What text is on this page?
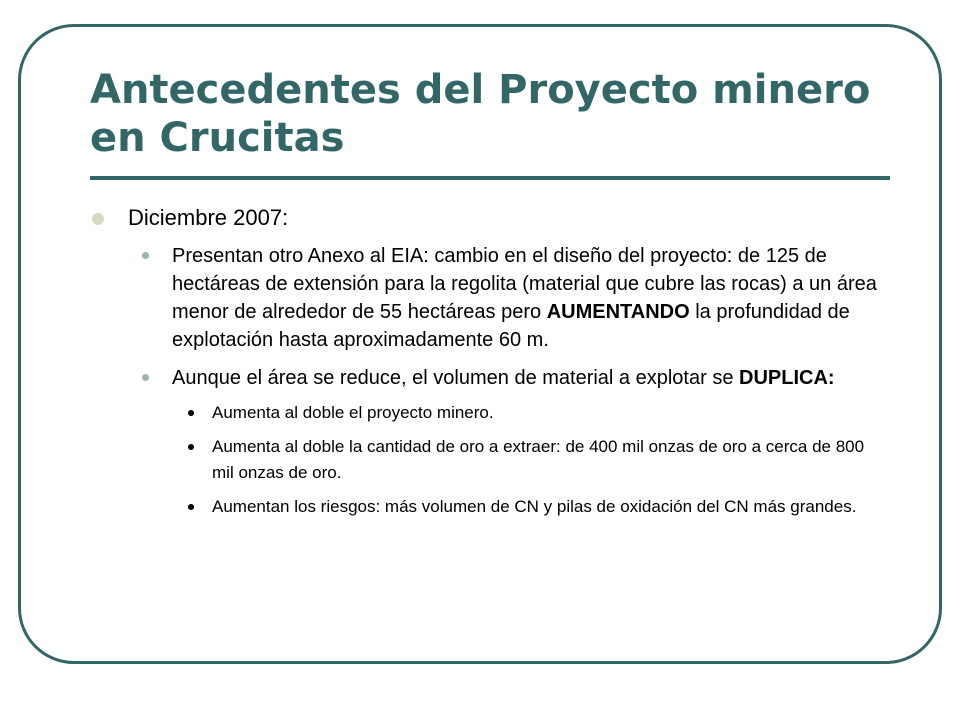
Antecedentes del Proyecto minero en Crucitas
Diciembre 2007:
Presentan otro Anexo al EIA: cambio en el diseño del proyecto: de 125 de hectáreas de extensión para la regolita (material que cubre las rocas) a un área menor de alrededor de 55 hectáreas pero AUMENTANDO la profundidad de explotación hasta aproximadamente 60 m.
Aunque el área se reduce, el volumen de material a explotar se DUPLICA:
Aumenta al doble el proyecto minero.
Aumenta al doble la cantidad de oro a extraer: de 400 mil onzas de oro a cerca de 800 mil onzas de oro.
Aumentan los riesgos: más volumen de CN y pilas de oxidación del CN más grandes.
